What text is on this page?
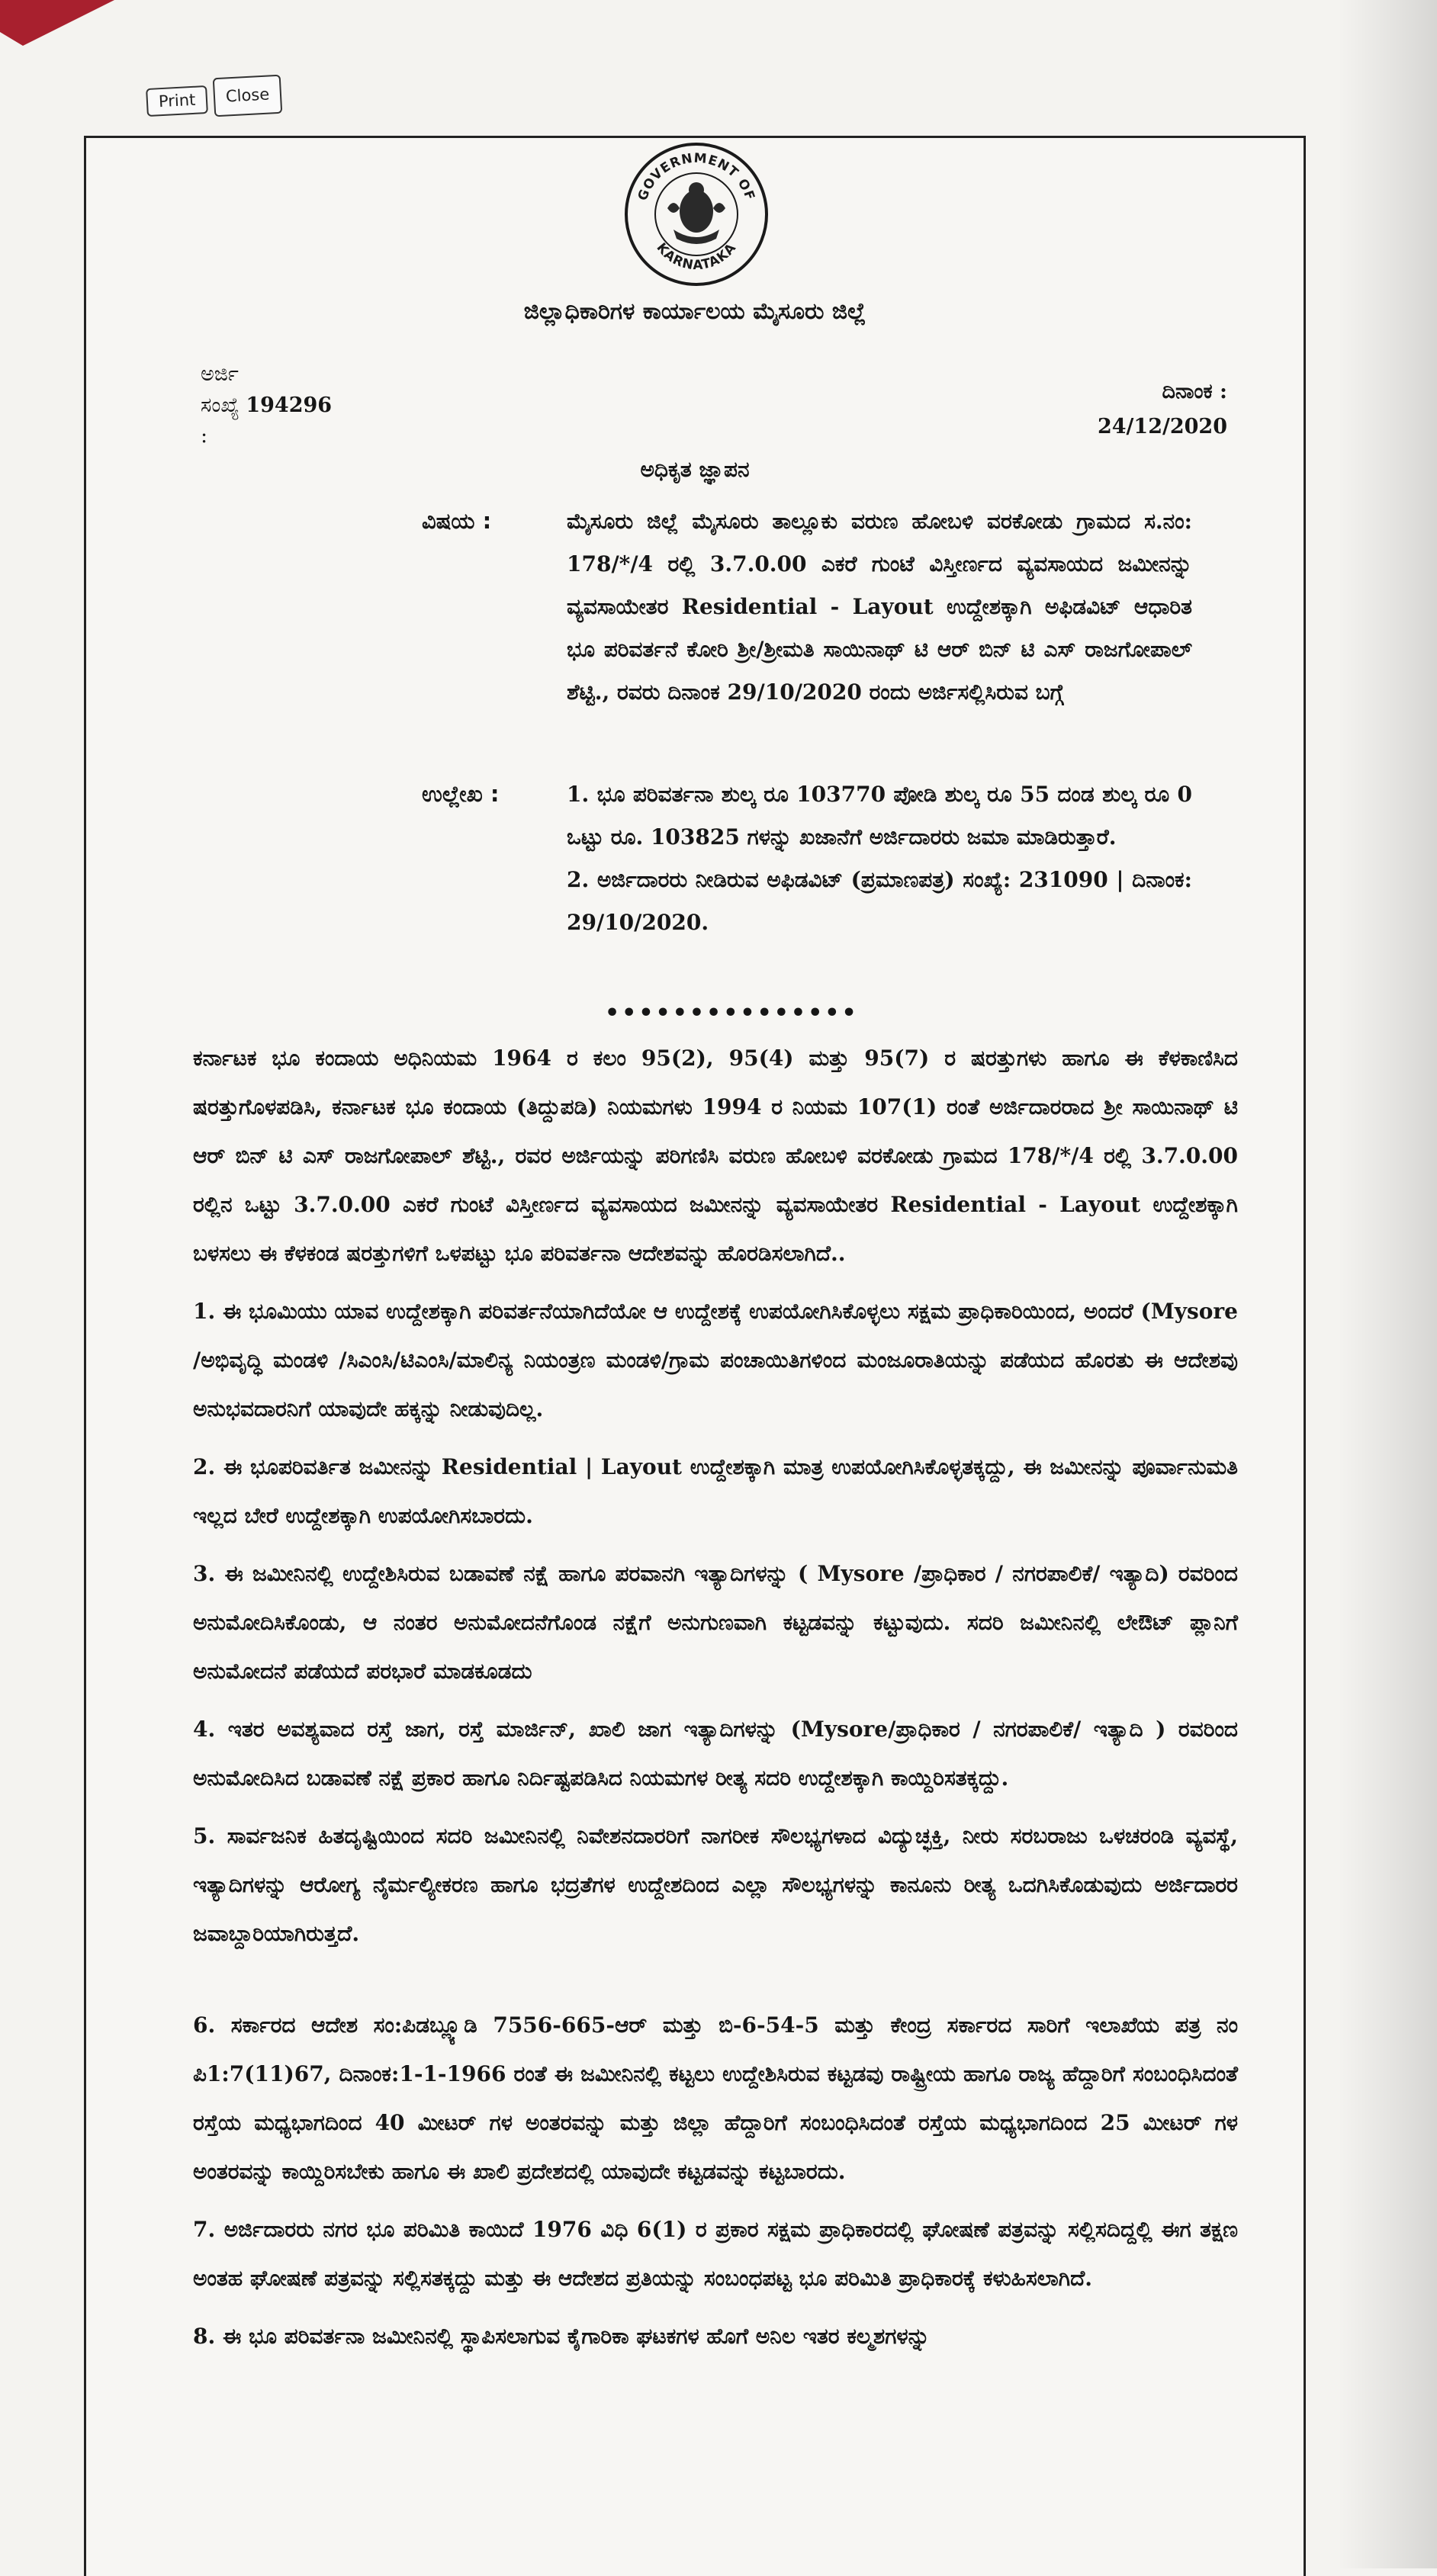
Print	Close
GOVERNMENT OF
KARNATAKA
ಜಿಲ್ಲಾಧಿಕಾರಿಗಳ ಕಾರ್ಯಾಲಯ ಮೈಸೂರು ಜಿಲ್ಲೆ
ಅರ್ಜಿ
ಸಂಖ್ಯೆ 194296
:
ದಿನಾಂಕ :
24/12/2020
ಅಧಿಕೃತ ಜ್ಞಾಪನ
ವಿಷಯ :	ಮೈಸೂರು ಜಿಲ್ಲೆ ಮೈಸೂರು ತಾಲ್ಲೂಕು ವರುಣ ಹೋಬಳಿ ವರಕೋಡು ಗ್ರಾಮದ ಸ.ನಂ: 178/*/4 ರಲ್ಲಿ 3.7.0.00 ಎಕರೆ ಗುಂಟೆ ವಿಸ್ತೀರ್ಣದ ವ್ಯವಸಾಯದ ಜಮೀನನ್ನು ವ್ಯವಸಾಯೇತರ Residential - Layout ಉದ್ದೇಶಕ್ಕಾಗಿ ಅಫಿಡವಿಟ್ ಆಧಾರಿತ ಭೂ ಪರಿವರ್ತನೆ ಕೋರಿ ಶ್ರೀ/ಶ್ರೀಮತಿ ಸಾಯಿನಾಥ್ ಟಿ ಆರ್ ಬಿನ್ ಟಿ ಎಸ್ ರಾಜಗೋಪಾಲ್ ಶೆಟ್ಟಿ., ರವರು ದಿನಾಂಕ 29/10/2020 ರಂದು ಅರ್ಜಿಸಲ್ಲಿಸಿರುವ ಬಗ್ಗೆ
ಉಲ್ಲೇಖ :	1. ಭೂ ಪರಿವರ್ತನಾ ಶುಲ್ಕ ರೂ 103770 ಪೋಡಿ ಶುಲ್ಕ ರೂ 55 ದಂಡ ಶುಲ್ಕ ರೂ 0 ಒಟ್ಟು ರೂ. 103825 ಗಳನ್ನು ಖಜಾನೆಗೆ ಅರ್ಜಿದಾರರು ಜಮಾ ಮಾಡಿರುತ್ತಾರೆ.
2. ಅರ್ಜಿದಾರರು ನೀಡಿರುವ ಅಫಿಡವಿಟ್ (ಪ್ರಮಾಣಪತ್ರ) ಸಂಖ್ಯೆ: 231090 | ದಿನಾಂಕ: 29/10/2020.
•••••••••••••••

ಕರ್ನಾಟಕ ಭೂ ಕಂದಾಯ ಅಧಿನಿಯಮ 1964 ರ ಕಲಂ 95(2), 95(4) ಮತ್ತು 95(7) ರ ಷರತ್ತುಗಳು ಹಾಗೂ ಈ ಕೆಳಕಾಣಿಸಿದ ಷರತ್ತುಗೊಳಪಡಿಸಿ, ಕರ್ನಾಟಕ ಭೂ ಕಂದಾಯ (ತಿದ್ದುಪಡಿ) ನಿಯಮಗಳು 1994 ರ ನಿಯಮ 107(1) ರಂತೆ ಅರ್ಜಿದಾರರಾದ ಶ್ರೀ ಸಾಯಿನಾಥ್ ಟಿ ಆರ್ ಬಿನ್ ಟಿ ಎಸ್ ರಾಜಗೋಪಾಲ್ ಶೆಟ್ಟಿ., ರವರ ಅರ್ಜಿಯನ್ನು ಪರಿಗಣಿಸಿ ವರುಣ ಹೋಬಳಿ ವರಕೋಡು ಗ್ರಾಮದ 178/*/4 ರಲ್ಲಿ 3.7.0.00 ರಲ್ಲಿನ ಒಟ್ಟು 3.7.0.00 ಎಕರೆ ಗುಂಟೆ ವಿಸ್ತೀರ್ಣದ ವ್ಯವಸಾಯದ ಜಮೀನನ್ನು ವ್ಯವಸಾಯೇತರ Residential - Layout ಉದ್ದೇಶಕ್ಕಾಗಿ ಬಳಸಲು ಈ ಕೆಳಕಂಡ ಷರತ್ತುಗಳಿಗೆ ಒಳಪಟ್ಟು ಭೂ ಪರಿವರ್ತನಾ ಆದೇಶವನ್ನು ಹೊರಡಿಸಲಾಗಿದೆ..

1. ಈ ಭೂಮಿಯು ಯಾವ ಉದ್ದೇಶಕ್ಕಾಗಿ ಪರಿವರ್ತನೆಯಾಗಿದೆಯೋ ಆ ಉದ್ದೇಶಕ್ಕೆ ಉಪಯೋಗಿಸಿಕೊಳ್ಳಲು ಸಕ್ಷಮ ಪ್ರಾಧಿಕಾರಿಯಿಂದ, ಅಂದರೆ (Mysore /ಅಭಿವೃದ್ಧಿ ಮಂಡಳಿ /ಸಿಎಂಸಿ/ಟಿಎಂಸಿ/ಮಾಲಿನ್ಯ ನಿಯಂತ್ರಣ ಮಂಡಳಿ/ಗ್ರಾಮ ಪಂಚಾಯಿತಿಗಳಿಂದ ಮಂಜೂರಾತಿಯನ್ನು ಪಡೆಯದ ಹೊರತು ಈ ಆದೇಶವು ಅನುಭವದಾರನಿಗೆ ಯಾವುದೇ ಹಕ್ಕನ್ನು ನೀಡುವುದಿಲ್ಲ.

2. ಈ ಭೂಪರಿವರ್ತಿತ ಜಮೀನನ್ನು Residential | Layout ಉದ್ದೇಶಕ್ಕಾಗಿ ಮಾತ್ರ ಉಪಯೋಗಿಸಿಕೊಳ್ಳತಕ್ಕದ್ದು, ಈ ಜಮೀನನ್ನು ಪೂರ್ವಾನುಮತಿ ಇಲ್ಲದ ಬೇರೆ ಉದ್ದೇಶಕ್ಕಾಗಿ ಉಪಯೋಗಿಸಬಾರದು.

3. ಈ ಜಮೀನಿನಲ್ಲಿ ಉದ್ದೇಶಿಸಿರುವ ಬಡಾವಣೆ ನಕ್ಷೆ ಹಾಗೂ ಪರವಾನಗಿ ಇತ್ಯಾದಿಗಳನ್ನು ( Mysore /ಪ್ರಾಧಿಕಾರ / ನಗರಪಾಲಿಕೆ/ ಇತ್ಯಾದಿ) ರವರಿಂದ ಅನುಮೋದಿಸಿಕೊಂಡು, ಆ ನಂತರ ಅನುಮೋದನೆಗೊಂಡ ನಕ್ಷೆಗೆ ಅನುಗುಣವಾಗಿ ಕಟ್ಟಡವನ್ನು ಕಟ್ಟುವುದು. ಸದರಿ ಜಮೀನಿನಲ್ಲಿ ಲೇಔಟ್ ಪ್ಲಾನಿಗೆ ಅನುಮೋದನೆ ಪಡೆಯದೆ ಪರಭಾರೆ ಮಾಡಕೂಡದು

4. ಇತರ ಅವಶ್ಯವಾದ ರಸ್ತೆ ಜಾಗ, ರಸ್ತೆ ಮಾರ್ಜಿನ್, ಖಾಲಿ ಜಾಗ ಇತ್ಯಾದಿಗಳನ್ನು (Mysore/ಪ್ರಾಧಿಕಾರ / ನಗರಪಾಲಿಕೆ/ ಇತ್ಯಾದಿ ) ರವರಿಂದ ಅನುಮೋದಿಸಿದ ಬಡಾವಣೆ ನಕ್ಷೆ ಪ್ರಕಾರ ಹಾಗೂ ನಿರ್ದಿಷ್ಟಪಡಿಸಿದ ನಿಯಮಗಳ ರೀತ್ಯ ಸದರಿ ಉದ್ದೇಶಕ್ಕಾಗಿ ಕಾಯ್ದಿರಿಸತಕ್ಕದ್ದು.

5. ಸಾರ್ವಜನಿಕ ಹಿತದೃಷ್ಟಿಯಿಂದ ಸದರಿ ಜಮೀನಿನಲ್ಲಿ ನಿವೇಶನದಾರರಿಗೆ ನಾಗರೀಕ ಸೌಲಭ್ಯಗಳಾದ ವಿದ್ಯುಚ್ಛಕ್ತಿ, ನೀರು ಸರಬರಾಜು ಒಳಚರಂಡಿ ವ್ಯವಸ್ಥೆ, ಇತ್ಯಾದಿಗಳನ್ನು ಆರೋಗ್ಯ ನೈರ್ಮಲ್ಯೀಕರಣ ಹಾಗೂ ಭದ್ರತೆಗಳ ಉದ್ದೇಶದಿಂದ ಎಲ್ಲಾ ಸೌಲಭ್ಯಗಳನ್ನು ಕಾನೂನು ರೀತ್ಯ ಒದಗಿಸಿಕೊಡುವುದು ಅರ್ಜಿದಾರರ ಜವಾಬ್ದಾರಿಯಾಗಿರುತ್ತದೆ.

6. ಸರ್ಕಾರದ ಆದೇಶ ಸಂ:ಪಿಡಬ್ಲ್ಯೂಡಿ 7556-665-ಆರ್ ಮತ್ತು ಬಿ-6-54-5 ಮತ್ತು ಕೇಂದ್ರ ಸರ್ಕಾರದ ಸಾರಿಗೆ ಇಲಾಖೆಯ ಪತ್ರ ನಂ ಪಿ1:7(11)67, ದಿನಾಂಕ:1-1-1966 ರಂತೆ ಈ ಜಮೀನಿನಲ್ಲಿ ಕಟ್ಟಲು ಉದ್ದೇಶಿಸಿರುವ ಕಟ್ಟಡವು ರಾಷ್ಟ್ರೀಯ ಹಾಗೂ ರಾಜ್ಯ ಹೆದ್ದಾರಿಗೆ ಸಂಬಂಧಿಸಿದಂತೆ ರಸ್ತೆಯ ಮಧ್ಯಭಾಗದಿಂದ 40 ಮೀಟರ್ ಗಳ ಅಂತರವನ್ನು ಮತ್ತು ಜಿಲ್ಲಾ ಹೆದ್ದಾರಿಗೆ ಸಂಬಂಧಿಸಿದಂತೆ ರಸ್ತೆಯ ಮಧ್ಯಭಾಗದಿಂದ 25 ಮೀಟರ್ ಗಳ ಅಂತರವನ್ನು ಕಾಯ್ದಿರಿಸಬೇಕು ಹಾಗೂ ಈ ಖಾಲಿ ಪ್ರದೇಶದಲ್ಲಿ ಯಾವುದೇ ಕಟ್ಟಡವನ್ನು ಕಟ್ಟಬಾರದು.

7. ಅರ್ಜಿದಾರರು ನಗರ ಭೂ ಪರಿಮಿತಿ ಕಾಯಿದೆ 1976 ವಿಧಿ 6(1) ರ ಪ್ರಕಾರ ಸಕ್ಷಮ ಪ್ರಾಧಿಕಾರದಲ್ಲಿ ಘೋಷಣೆ ಪತ್ರವನ್ನು ಸಲ್ಲಿಸದಿದ್ದಲ್ಲಿ ಈಗ ತಕ್ಷಣ ಅಂತಹ ಘೋಷಣೆ ಪತ್ರವನ್ನು ಸಲ್ಲಿಸತಕ್ಕದ್ದು ಮತ್ತು ಈ ಆದೇಶದ ಪ್ರತಿಯನ್ನು ಸಂಬಂಧಪಟ್ಟ ಭೂ ಪರಿಮಿತಿ ಪ್ರಾಧಿಕಾರಕ್ಕೆ ಕಳುಹಿಸಲಾಗಿದೆ.

8. ಈ ಭೂ ಪರಿವರ್ತನಾ ಜಮೀನಿನಲ್ಲಿ ಸ್ಥಾಪಿಸಲಾಗುವ ಕೈಗಾರಿಕಾ ಘಟಕಗಳ ಹೊಗೆ ಅನಿಲ ಇತರ ಕಲ್ಮಶಗಳನ್ನು
